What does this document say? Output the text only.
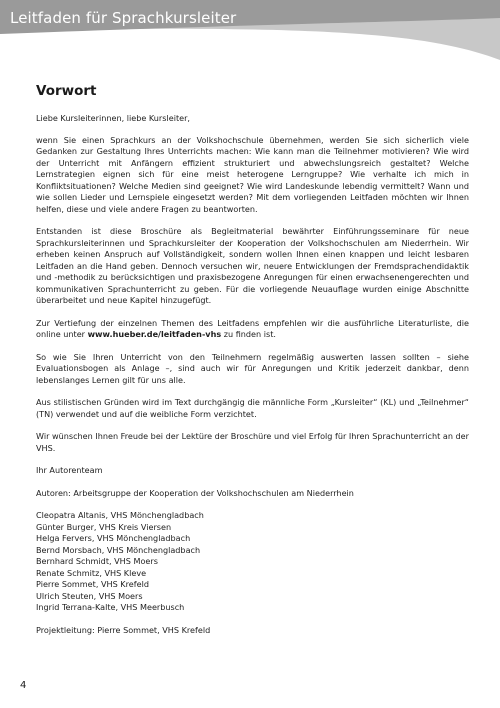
Leitfaden für Sprachkursleiter
Vorwort

Liebe Kursleiterinnen, liebe Kursleiter,

wenn Sie einen Sprachkurs an der Volkshochschule übernehmen, werden Sie sich sicherlich viele Gedanken zur Gestaltung Ihres Unterrichts machen: Wie kann man die Teilnehmer motivieren? Wie wird der Unterricht mit Anfängern effizient strukturiert und abwechslungsreich gestaltet? Welche Lernstrategien eignen sich für eine meist heterogene Lerngruppe? Wie verhalte ich mich in Konfliktsituationen? Welche Medien sind geeignet? Wie wird Landeskunde lebendig vermittelt? Wann und wie sollen Lieder und Lernspiele eingesetzt werden? Mit dem vorliegenden Leitfaden möchten wir Ihnen helfen, diese und viele andere Fragen zu beantworten.

Entstanden ist diese Broschüre als Begleitmaterial bewährter Einführungsseminare für neue Sprachkursleiterinnen und Sprachkursleiter der Kooperation der Volkshochschulen am Niederrhein. Wir erheben keinen Anspruch auf Vollständigkeit, sondern wollen Ihnen einen knappen und leicht lesbaren Leitfaden an die Hand geben. Dennoch versuchen wir, neuere Entwicklungen der Fremdsprachendidaktik und -methodik zu berücksichtigen und praxisbezogene Anregungen für einen erwachsenengerechten und kommunikativen Sprachunterricht zu geben. Für die vorliegende Neuauflage wurden einige Abschnitte überarbeitet und neue Kapitel hinzugefügt.

Zur Vertiefung der einzelnen Themen des Leitfadens empfehlen wir die ausführliche Literaturliste, die online unter www.hueber.de/leitfaden-vhs zu finden ist.

So wie Sie Ihren Unterricht von den Teilnehmern regelmäßig auswerten lassen sollten – siehe Evaluationsbogen als Anlage –, sind auch wir für Anregungen und Kritik jederzeit dankbar, denn lebenslanges Lernen gilt für uns alle.

Aus stilistischen Gründen wird im Text durchgängig die männliche Form „Kursleiter“ (KL) und „Teilnehmer“ (TN) verwendet und auf die weibliche Form verzichtet.

Wir wünschen Ihnen Freude bei der Lektüre der Broschüre und viel Erfolg für Ihren Sprachunterricht an der VHS.

Ihr Autorenteam

Autoren: Arbeitsgruppe der Kooperation der Volkshochschulen am Niederrhein

Cleopatra Altanis, VHS Mönchengladbach
Günter Burger, VHS Kreis Viersen
Helga Fervers, VHS Mönchengladbach
Bernd Morsbach, VHS Mönchengladbach
Bernhard Schmidt, VHS Moers
Renate Schmitz, VHS Kleve
Pierre Sommet, VHS Krefeld
Ulrich Steuten, VHS Moers
Ingrid Terrana-Kalte, VHS Meerbusch

Projektleitung: Pierre Sommet, VHS Krefeld

4
